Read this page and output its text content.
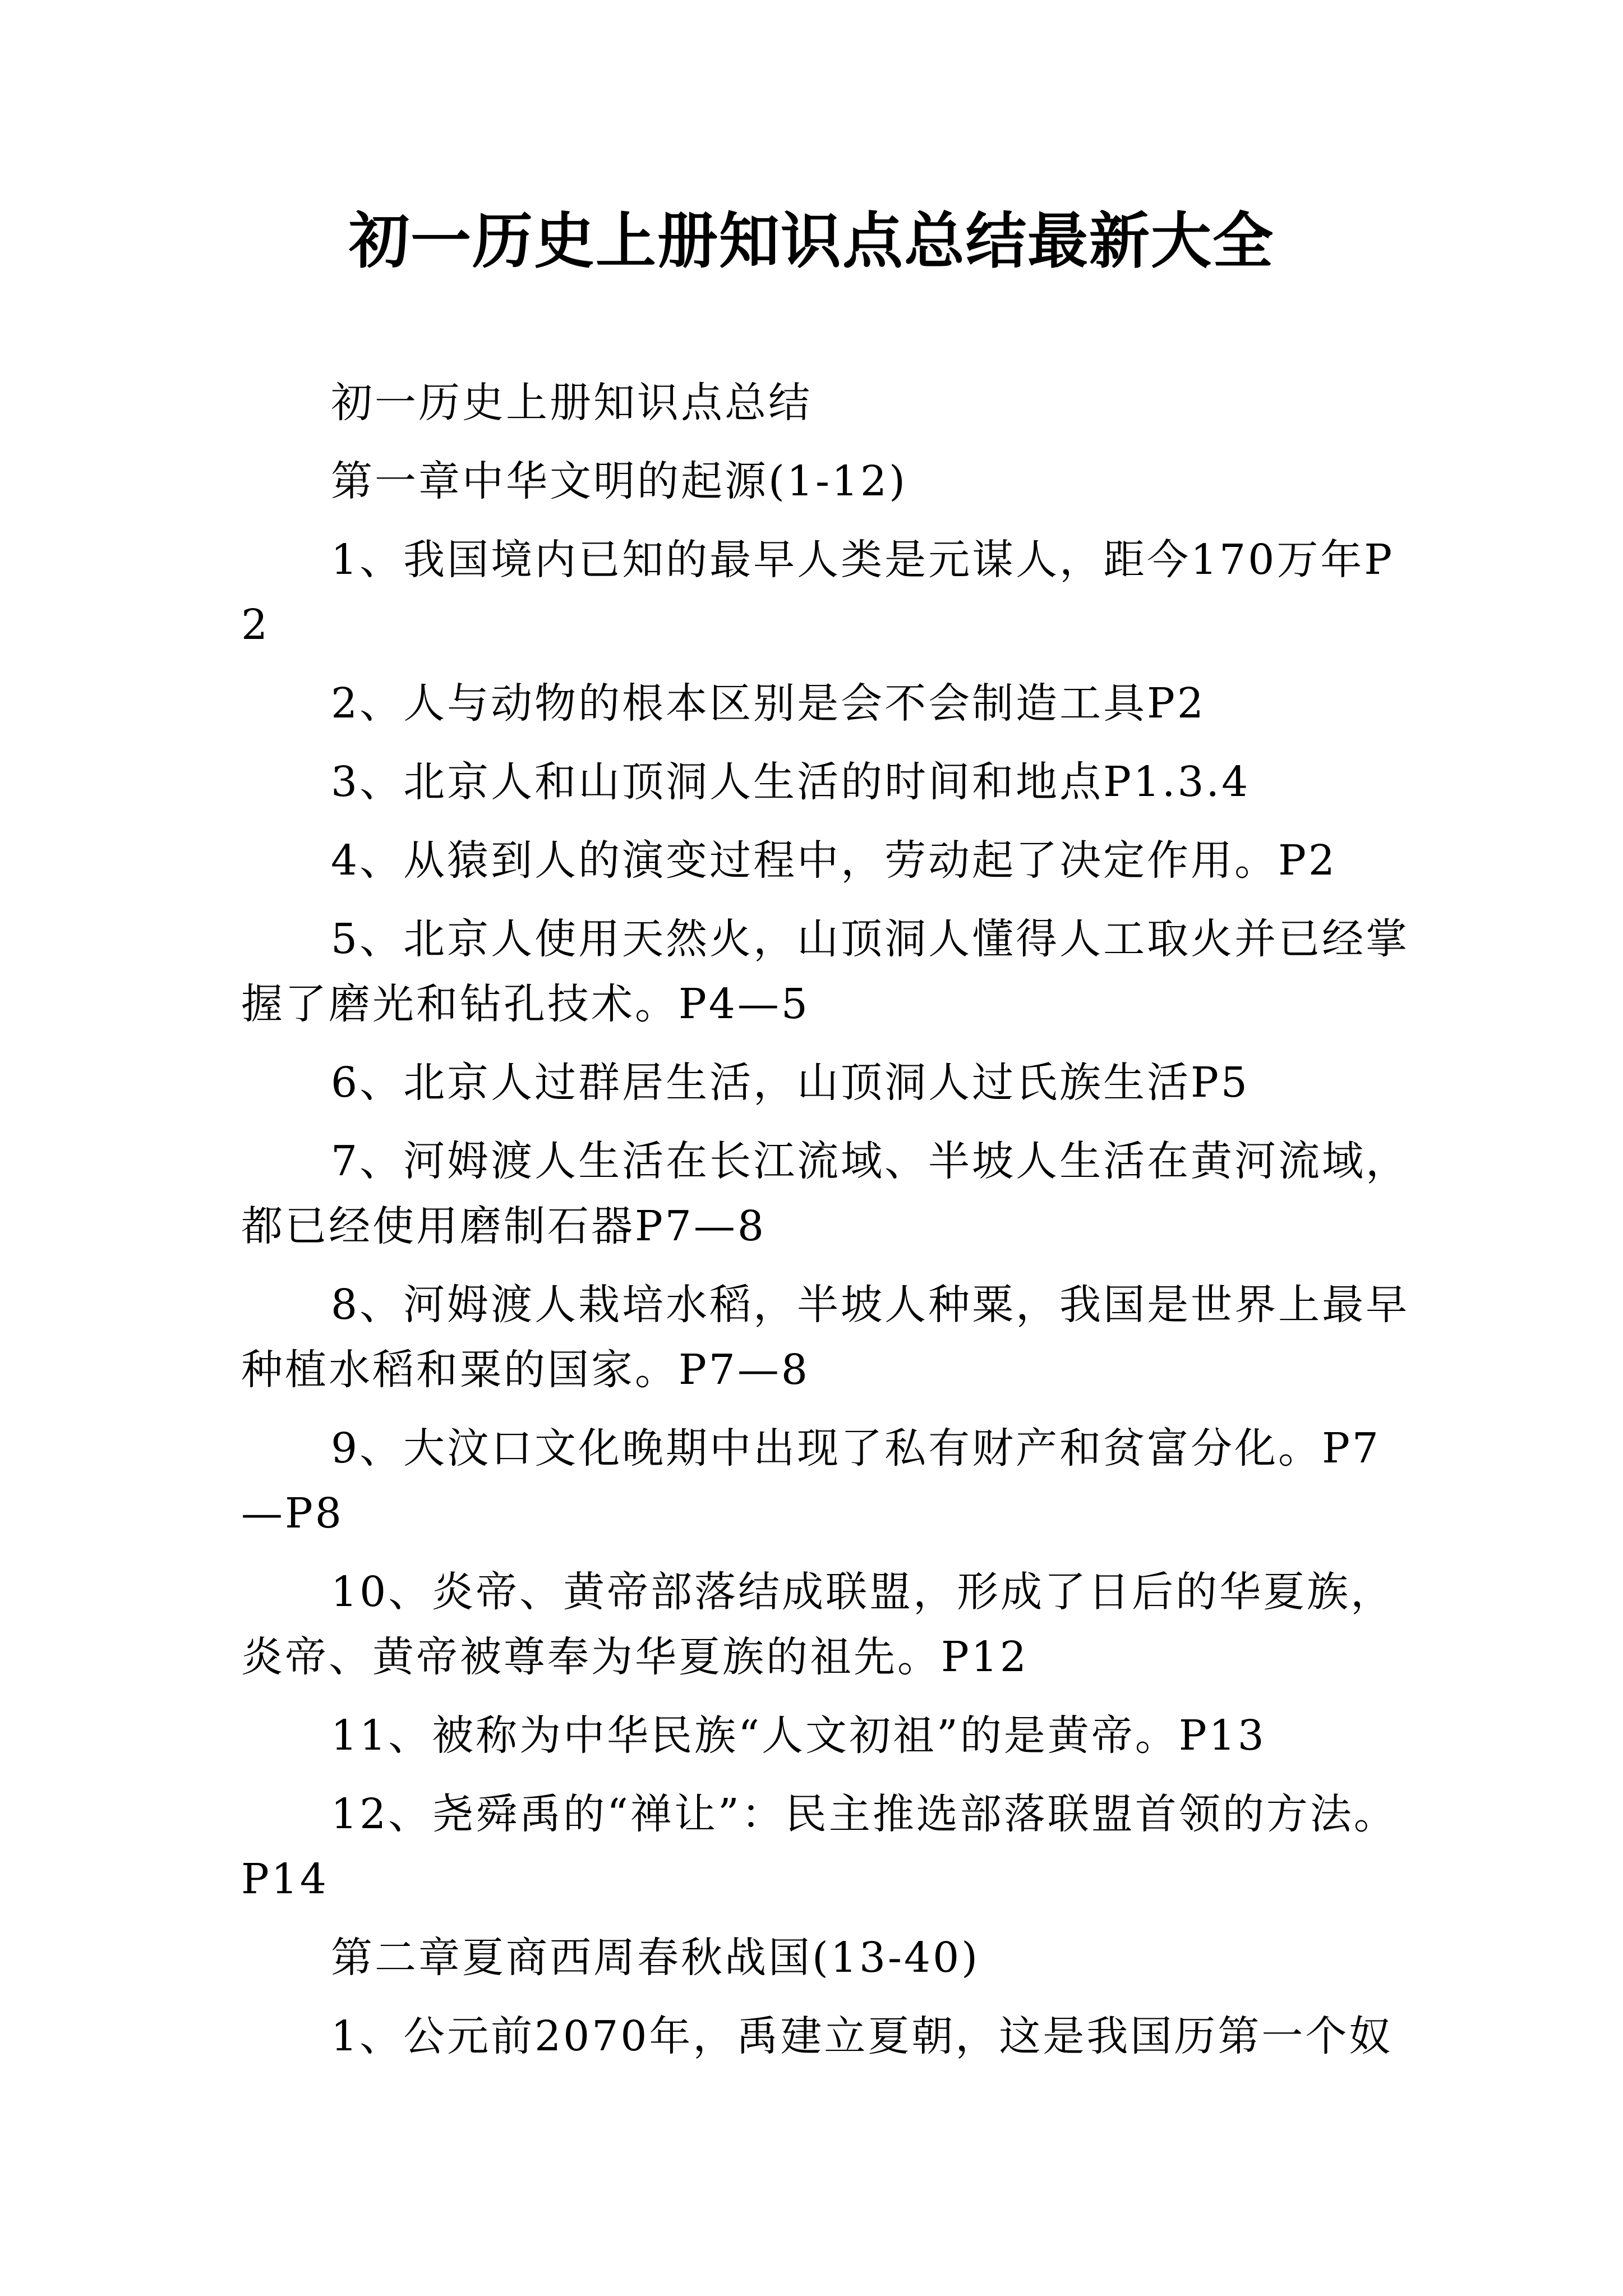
初一历史上册知识点总结最新大全

初一历史上册知识点总结

第一章中华文明的起源(1-12)

1、我国境内已知的最早人类是元谋人，距今170万年P2

2、人与动物的根本区别是会不会制造工具P2

3、北京人和山顶洞人生活的时间和地点P1.3.4

4、从猿到人的演变过程中，劳动起了决定作用。P2

5、北京人使用天然火，山顶洞人懂得人工取火并已经掌握了磨光和钻孔技术。P4—5

6、北京人过群居生活，山顶洞人过氏族生活P5

7、河姆渡人生活在长江流域、半坡人生活在黄河流域，都已经使用磨制石器P7—8

8、河姆渡人栽培水稻，半坡人种粟，我国是世界上最早种植水稻和粟的国家。P7—8

9、大汶口文化晚期中出现了私有财产和贫富分化。P7—P8

10、炎帝、黄帝部落结成联盟，形成了日后的华夏族，炎帝、黄帝被尊奉为华夏族的祖先。P12

11、被称为中华民族“人文初祖”的是黄帝。P13

12、尧舜禹的“禅让”：民主推选部落联盟首领的方法。P14

第二章夏商西周春秋战国(13-40)

1、公元前2070年，禹建立夏朝，这是我国历第一个奴
